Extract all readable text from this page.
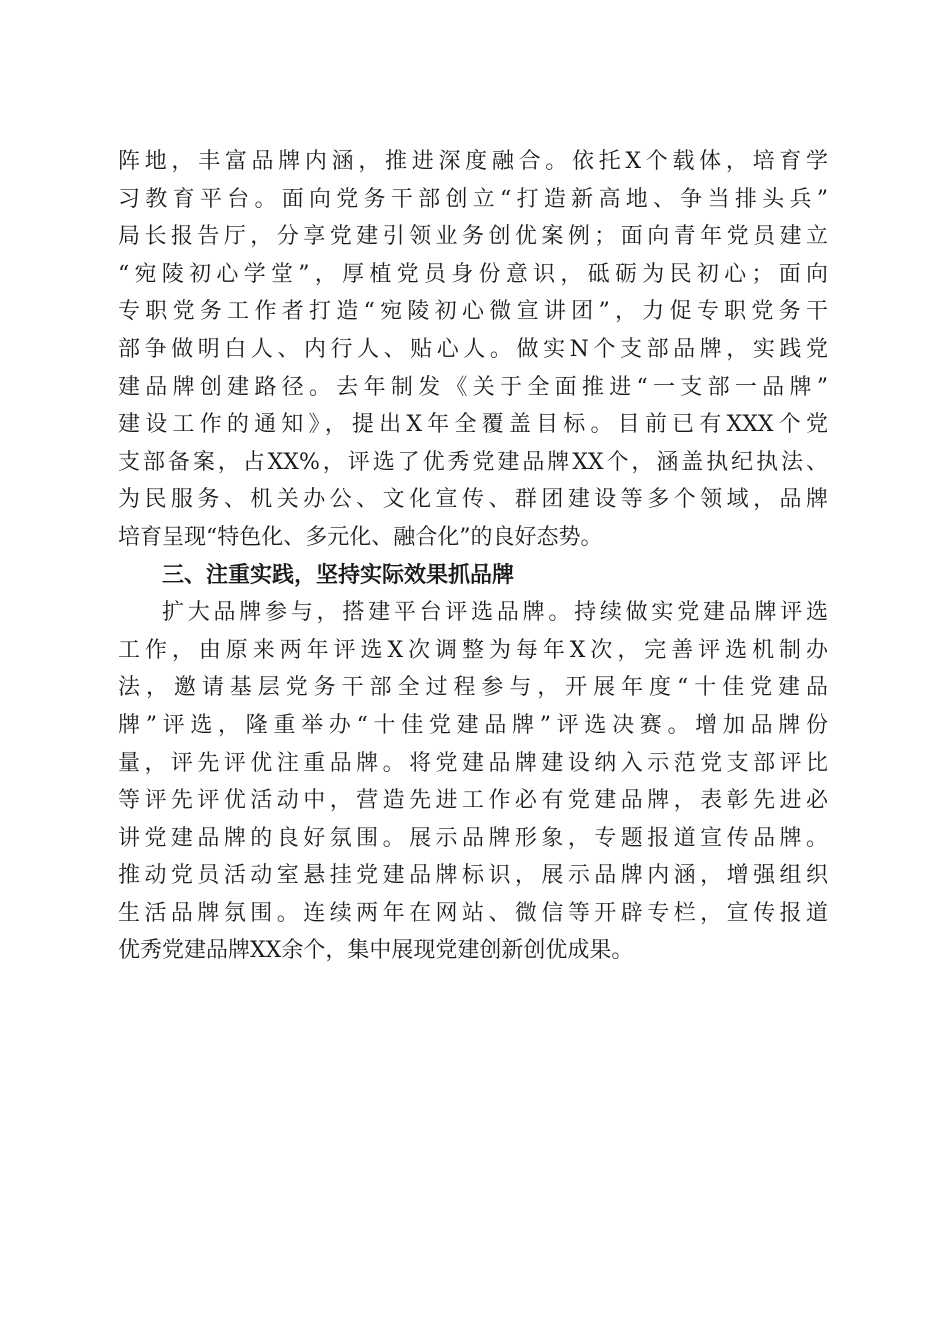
阵地，丰富品牌内涵，推进深度融合。依托X个载体，培育学
习教育平台。面向党务干部创立“打造新高地、争当排头兵”
局长报告厅，分享党建引领业务创优案例；面向青年党员建立
“宛陵初心学堂”，厚植党员身份意识，砥砺为民初心；面向
专职党务工作者打造“宛陵初心微宣讲团”，力促专职党务干
部争做明白人、内行人、贴心人。做实N个支部品牌，实践党
建品牌创建路径。去年制发《关于全面推进“一支部一品牌”
建设工作的通知》，提出X年全覆盖目标。目前已有XXX个党
支部备案，占XX%，评选了优秀党建品牌XX个，涵盖执纪执法、
为民服务、机关办公、文化宣传、群团建设等多个领域，品牌
培育呈现“特色化、多元化、融合化”的良好态势。
三、注重实践，坚持实际效果抓品牌
扩大品牌参与，搭建平台评选品牌。持续做实党建品牌评选
工作，由原来两年评选X次调整为每年X次，完善评选机制办
法，邀请基层党务干部全过程参与，开展年度“十佳党建品
牌”评选，隆重举办“十佳党建品牌”评选决赛。增加品牌份
量，评先评优注重品牌。将党建品牌建设纳入示范党支部评比
等评先评优活动中，营造先进工作必有党建品牌，表彰先进必
讲党建品牌的良好氛围。展示品牌形象，专题报道宣传品牌。
推动党员活动室悬挂党建品牌标识，展示品牌内涵，增强组织
生活品牌氛围。连续两年在网站、微信等开辟专栏，宣传报道
优秀党建品牌XX余个，集中展现党建创新创优成果。
